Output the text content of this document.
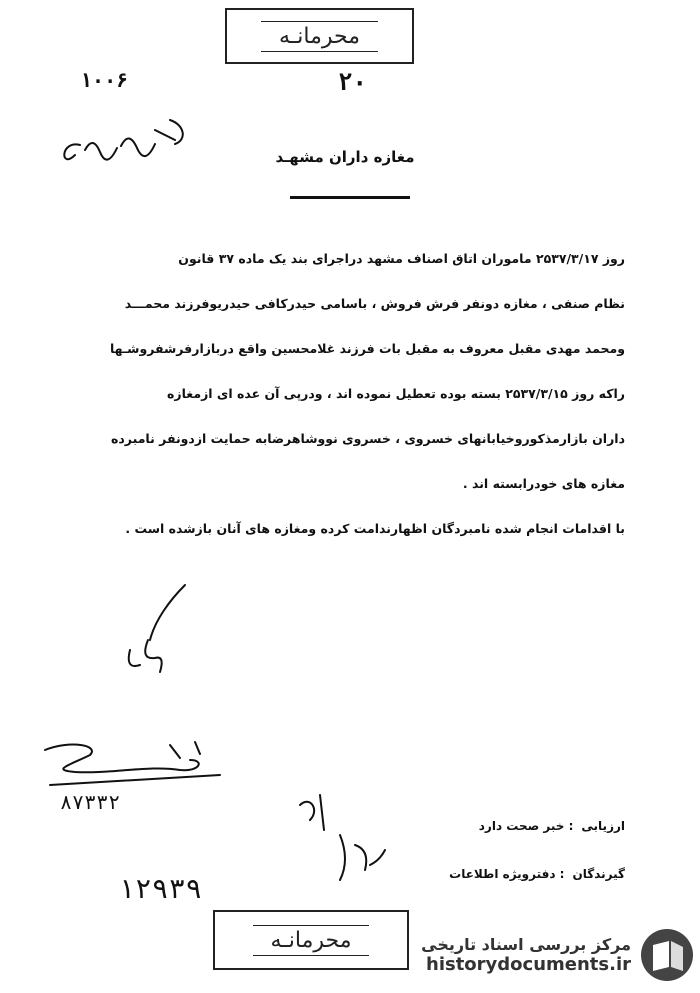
محرمانـه
۱۰۰۶	۲۰
مغازه داران مشهـد
روز ۲۵۳۷/۳/۱۷ ماموران اتاق اصناف مشهد دراجرای بند یک ماده ۳۷ قانون
نظام صنفی ، مغازه دونفر فرش فروش ، باسامی حیدرکافی حیدریوفرزند محمـــد
ومحمد مهدی مقبل معروف به مقبل بات فرزند غلامحسین واقع دربازارفرشفروشـها
راکه روز ۲۵۳۷/۳/۱۵ بسته بوده تعطیل نموده اند ، ودرپی آن عده ای ازمغازه
داران بازارمذکوروخیابانهای خسروی ، خسروی نووشاهرضابه حمایت ازدونفر نامبرده
مغازه های خودرابسته اند .
با اقدامات انجام شده نامبردگان اظهارندامت کرده ومغازه های آنان بازشده است .
۸۷۳۳۲
ارزیابی: خبر صحت دارد
گیرندگان: دفترویژه اطلاعات
۱۲۹۳۹
محرمانـه	مرکز بررسی اسناد تاریخی
historydocuments.ir
